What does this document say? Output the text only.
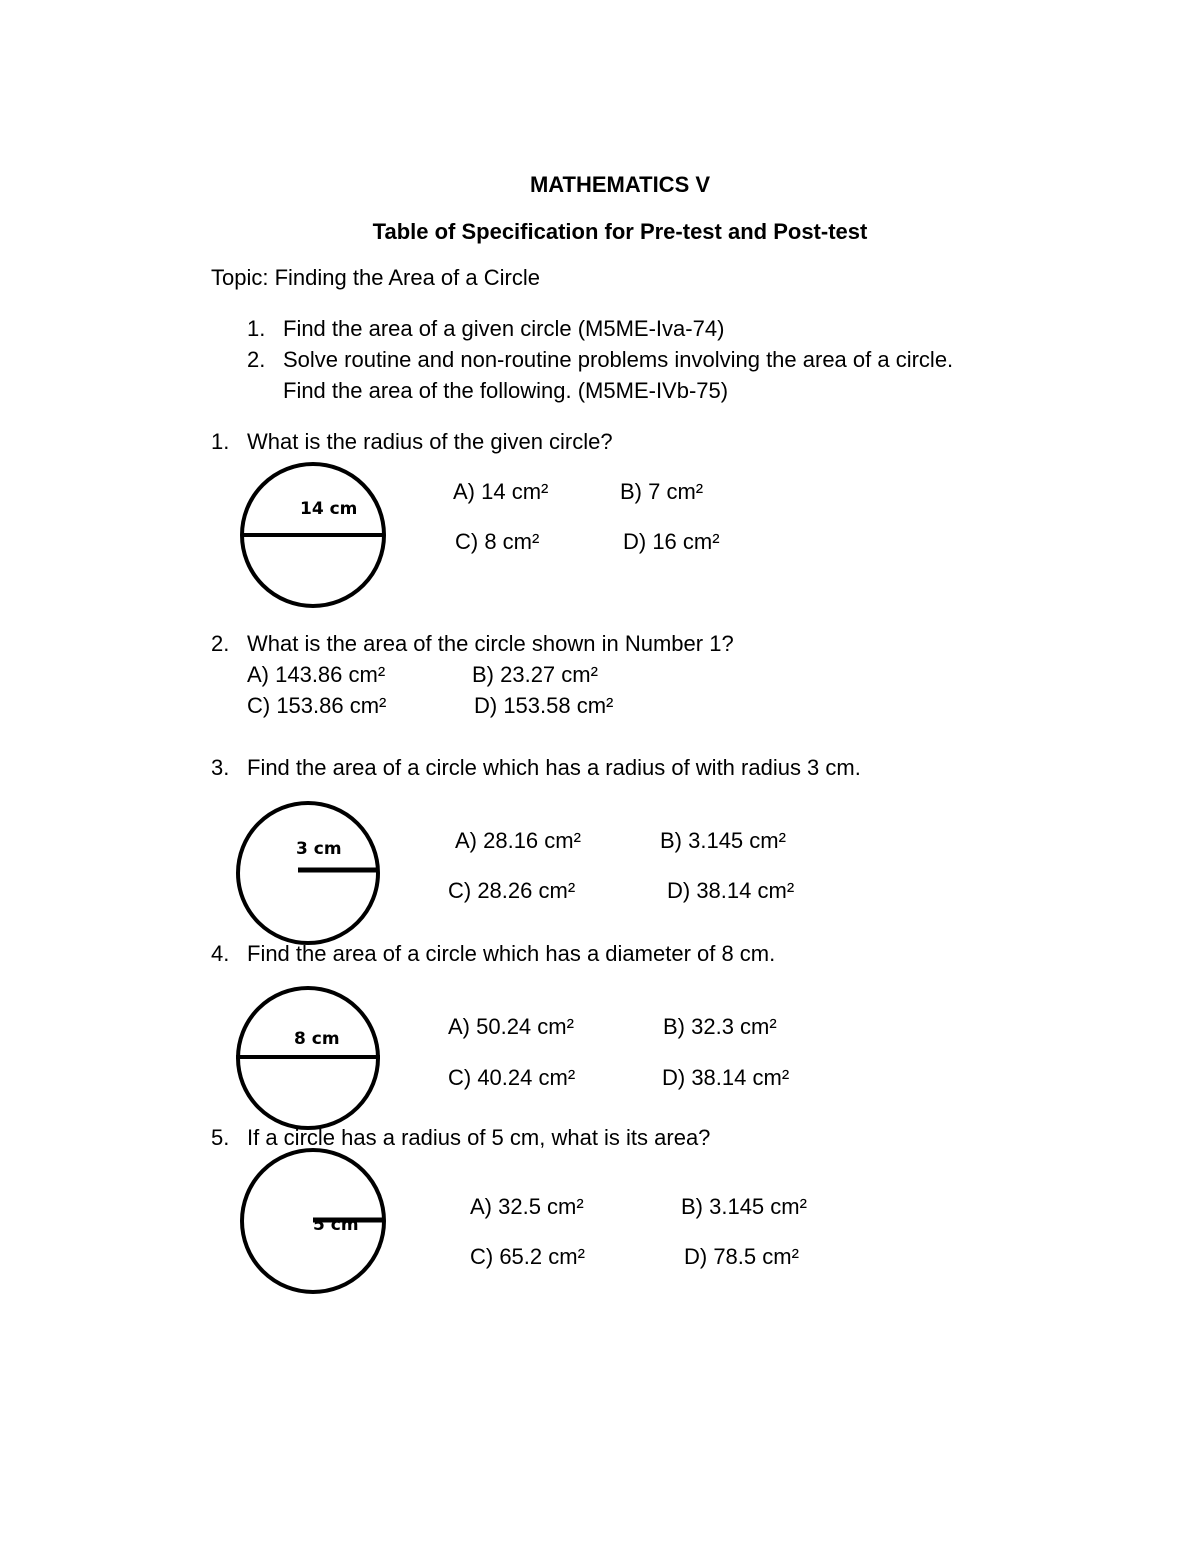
MATHEMATICS V
Table of Specification for Pre-test and Post-test
Topic: Finding the Area of a Circle
1. Find the area of a given circle (M5ME-Iva-74)
2. Solve routine and non-routine problems involving the area of a circle.
Find the area of the following. (M5ME-IVb-75)
1. What is the radius of the given circle?
14 cm
A) 14 cm²	B) 7 cm²
C) 8 cm²	D) 16 cm²
2. What is the area of the circle shown in Number 1?
A) 143.86 cm²	B) 23.27 cm²
C) 153.86 cm²	D) 153.58 cm²
3. Find the area of a circle which has a radius of with radius 3 cm.
3 cm	A) 28.16 cm²	B) 3.145 cm²
C) 28.26 cm²	D) 38.14 cm²
4. Find the area of a circle which has a diameter of 8 cm.
8 cm	A) 50.24 cm²	B) 32.3 cm²
C) 40.24 cm²	D) 38.14 cm²
5. If a circle has a radius of 5 cm, what is its area?
5 cm
A) 32.5 cm²	B) 3.145 cm²
C) 65.2 cm²	D) 78.5 cm²
